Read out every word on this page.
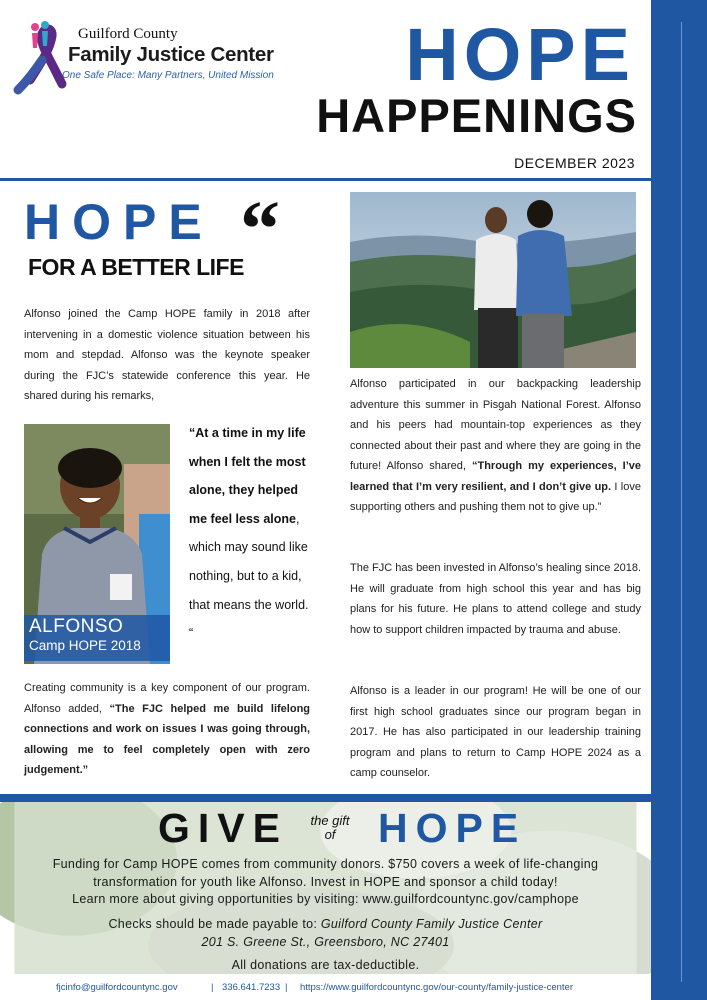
Guilford County
Family Justice Center
One Safe Place: Many Partners, United Mission HOPE
HAPPENINGS
DECEMBER 2023
HOPE “
FOR A BETTER LIFE

Alfonso joined the Camp HOPE family in 2018 after intervening in a domestic violence situation between his mom and stepdad. Alfonso was the keynote speaker during the FJC’s statewide conference this year. He shared during his remarks,

ALFONSO
Camp HOPE 2018
“At a time in my life when I felt the most alone, they helped me feel less alone, which may sound like nothing, but to a kid, that means the world. “

Creating community is a key component of our program. Alfonso added, “The FJC helped me build lifelong connections and work on issues I was going through, allowing me to feel completely open with zero judgement.”

Alfonso participated in our backpacking leadership adventure this summer in Pisgah National Forest. Alfonso and his peers had mountain-top experiences as they connected about their past and where they are going in the future! Alfonso shared, “Through my experiences, I’ve learned that I’m very resilient, and I don’t give up. I love supporting others and pushing them not to give up.”

The FJC has been invested in Alfonso’s healing since 2018. He will graduate from high school this year and has big plans for his future. He plans to attend college and study how to support children impacted by trauma and abuse.

Alfonso is a leader in our program! He will be one of our first high school graduates since our program began in 2017. He has also participated in our leadership training program and plans to return to Camp HOPE 2024 as a camp counselor.

GIVE	the gift
of	HOPE
Funding for Camp HOPE comes from community donors. $750 covers a week of life-changing
transformation for youth like Alfonso. Invest in HOPE and sponsor a child today!
Learn more about giving opportunities by visiting: www.guilfordcountync.gov/camphope
Checks should be made payable to: Guilford County Family Justice Center
201 S. Greene St., Greensboro, NC 27401
All donations are tax-deductible.
fjcinfo@guilfordcountync.gov	| 336.641.7233 | https://www.guilfordcountync.gov/our-county/family-justice-center
